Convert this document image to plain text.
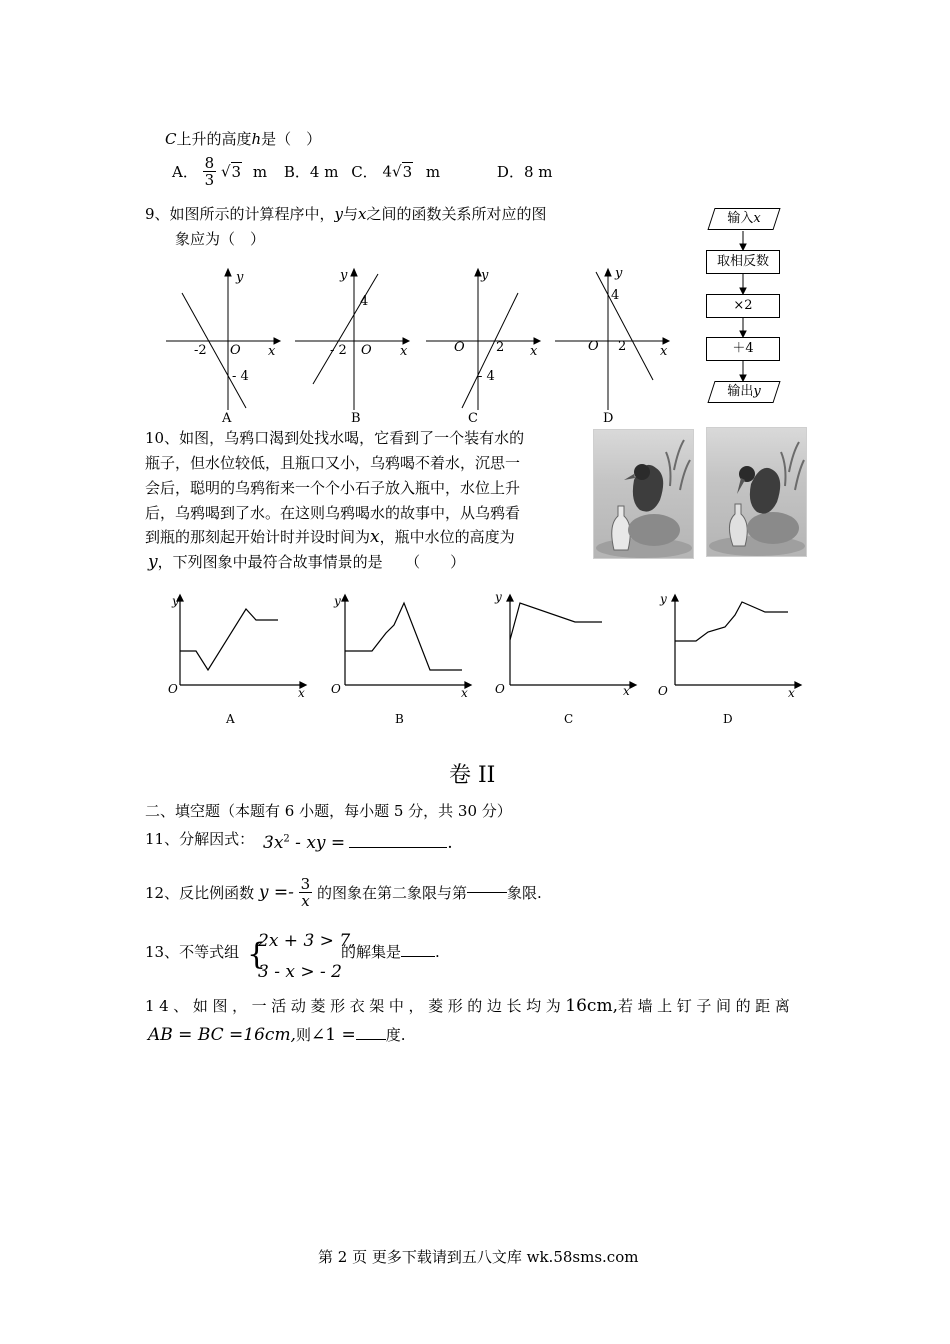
C上升的高度h是（　）
A． $\frac{8}{3} √3$ m B．4 m C． 4√3 m	D．8 m
9、如图所示的计算程序中，y与x之间的函数关系所对应的图
象应为（　）
输入x
取相反数
×2
＋4
输出y
y
x
-2 O
- 4
A
y
x
4
- 2 O
B
y
x
O 2
- 4
C
y
x
4
O 2
D
10、如图，乌鸦口渴到处找水喝，它看到了一个装有水的
瓶子，但水位较低，且瓶口又小，乌鸦喝不着水，沉思一
会后，聪明的乌鸦衔来一个个小石子放入瓶中，水位上升
后，乌鸦喝到了水。在这则乌鸦喝水的故事中，从乌鸦看
到瓶的那刻起开始计时并设时间为x，瓶中水位的高度为
y，下列图象中最符合故事情景的是　　（　　）
y
O	x
A
y
O	x
B
y
O	x
C
y
O	x
D
卷 II
二、填空题（本题有 6 小题，每小题 5 分，共 30 分）
11、分解因式： $3x^2$ - xy =	.
12、反比例函数 $y =- \frac{3}{x}$ 的图象在第二象限与第	象限.
13、不等式组 {
2x + 3 > 7,
3 - x > - 2
的解集是 .
14、如图，一活动菱形衣架中，菱形的边长均为16cm,若墙上钉子间的距离
AB = BC =16cm,则∠1 = 度.
第 2 页 更多下载请到五八文库 wk.58sms.com
